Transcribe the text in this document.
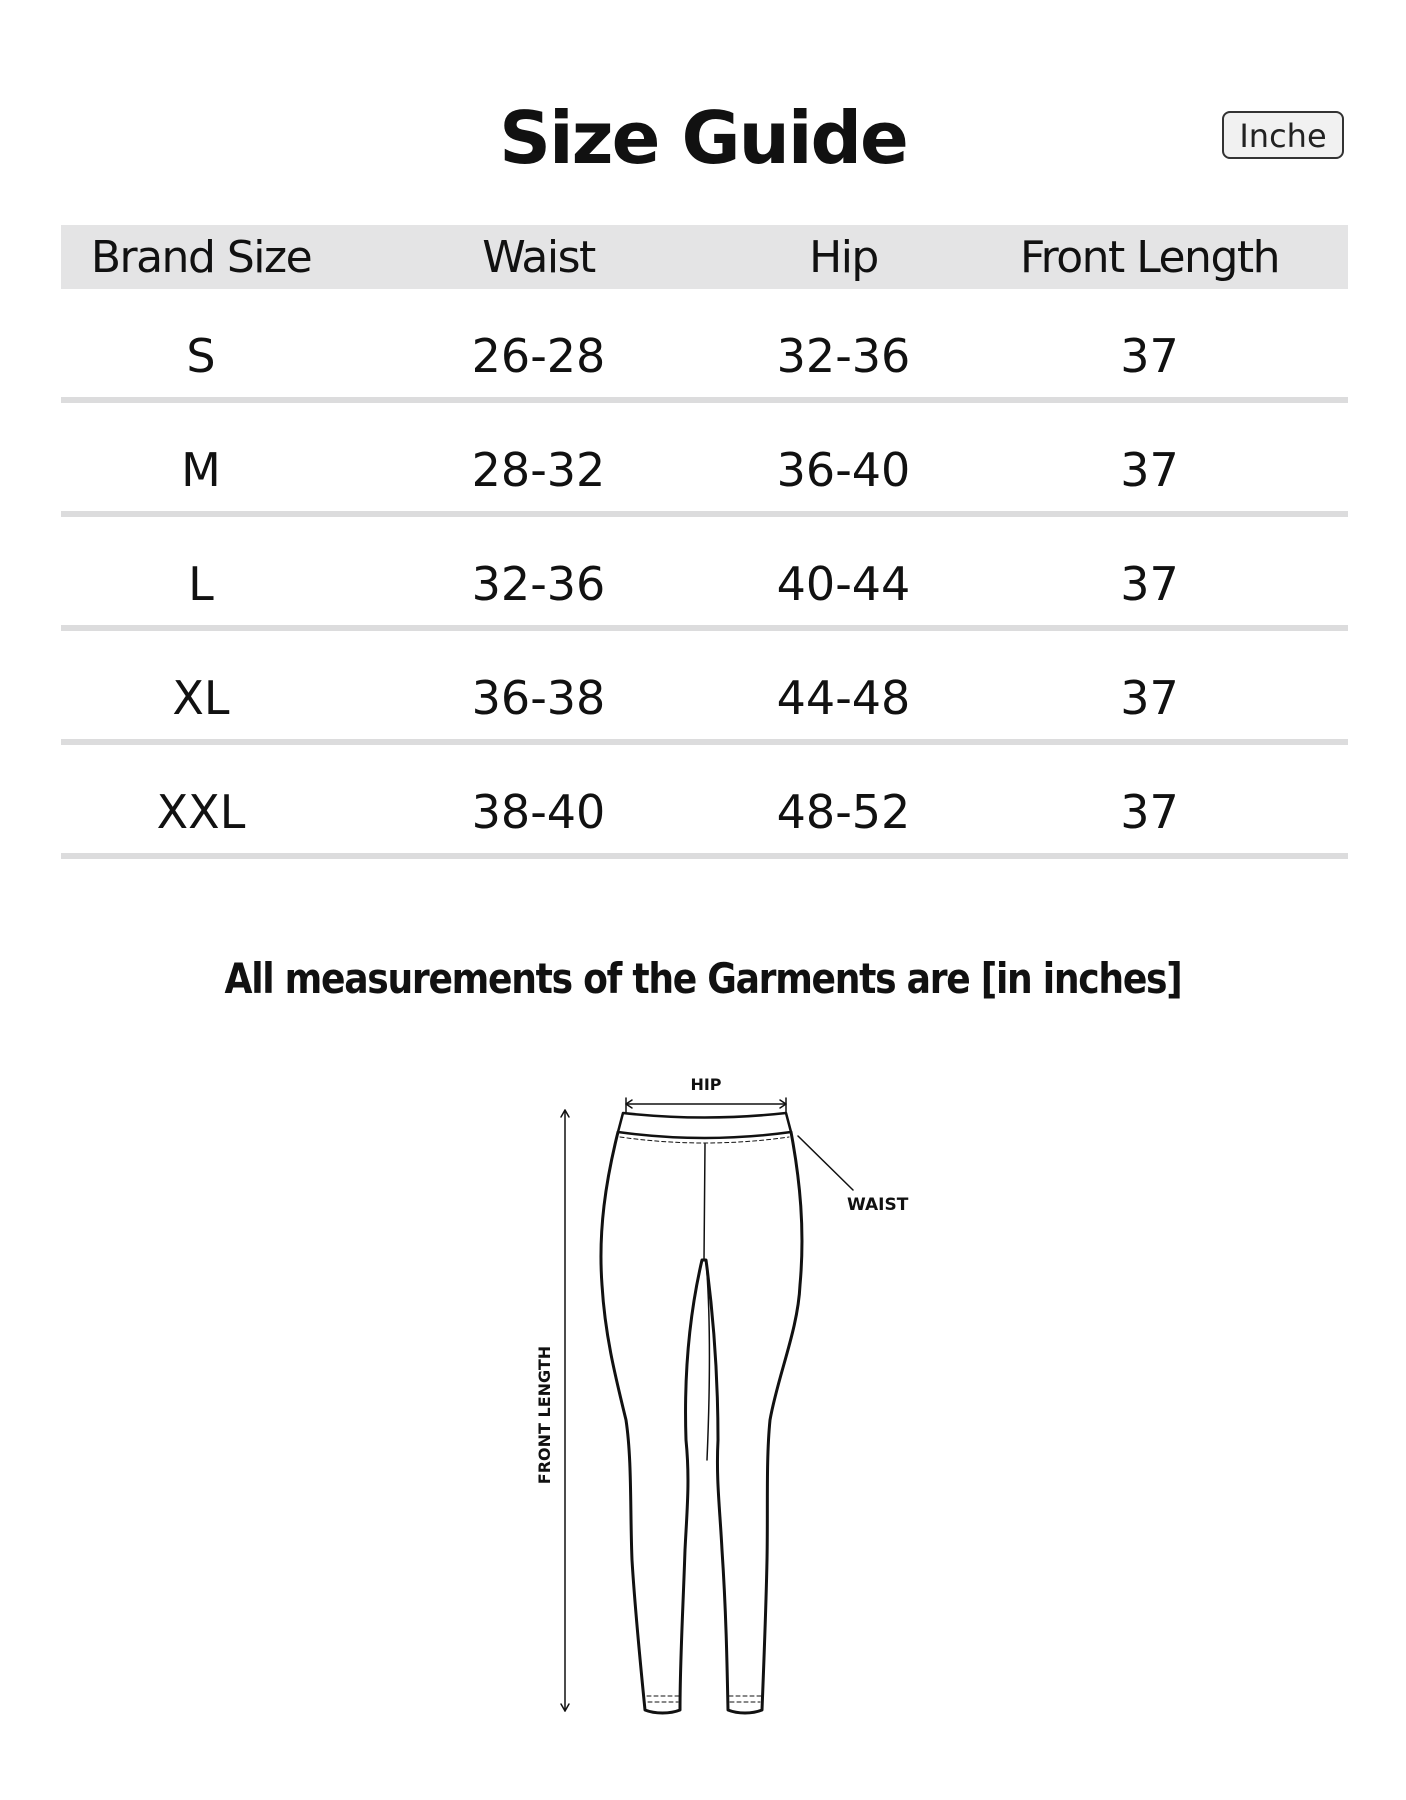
Size Guide	Inche
Brand Size	Waist	Hip	Front Length
S	26-28	32-36	37
M	28-32	36-40	37
L	32-36	40-44	37
XL	36-38	44-48	37
XXL	38-40	48-52	37

All measurements of the Garments are [in inches]

HIP
WAIST
FRONT LENGTH
